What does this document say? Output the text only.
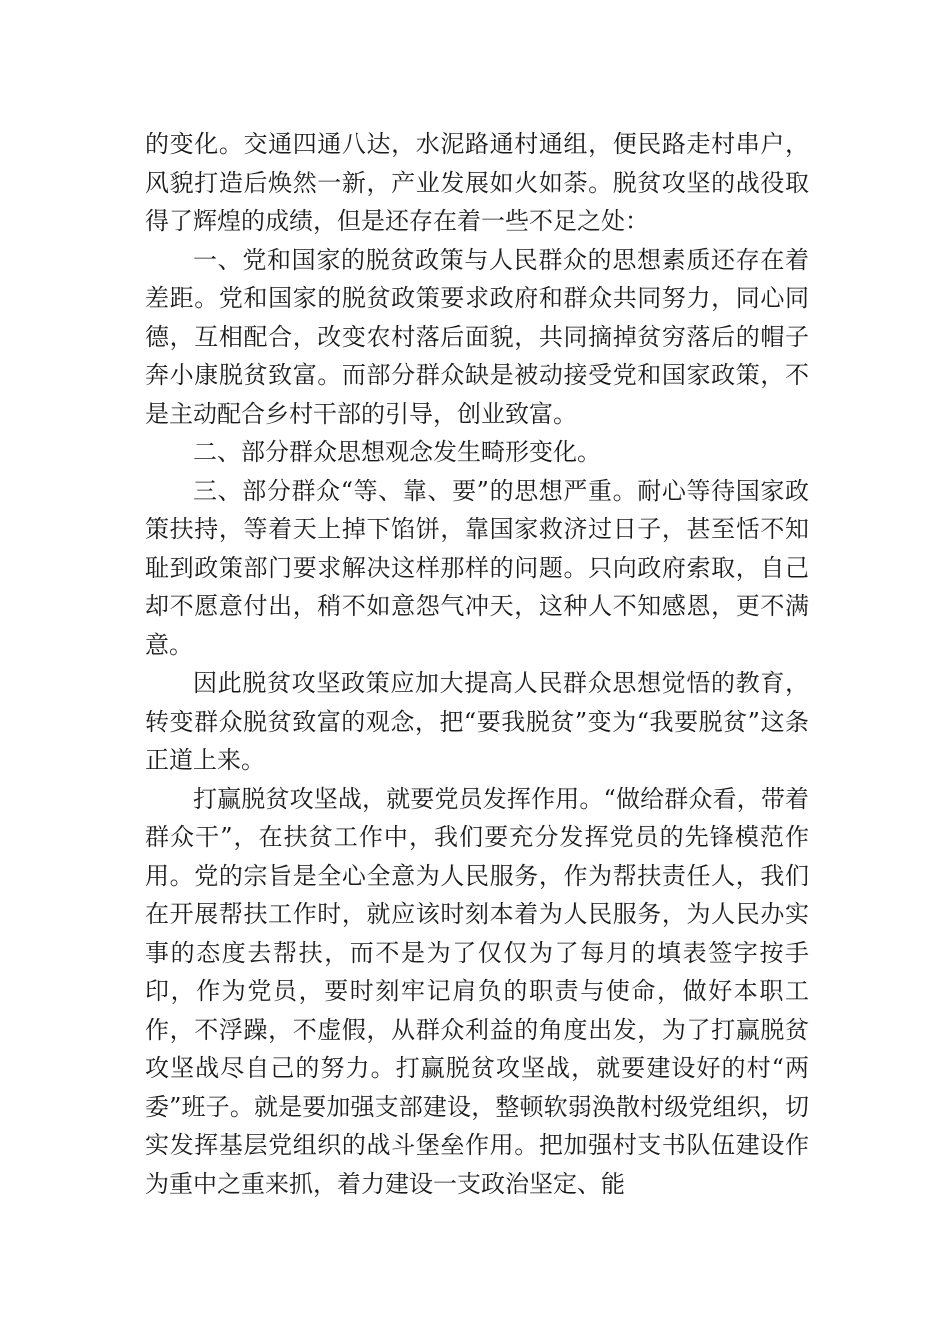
的变化。交通四通八达，水泥路通村通组，便民路走村串户，风貌打造后焕然一新，产业发展如火如荼。脱贫攻坚的战役取得了辉煌的成绩，但是还存在着一些不足之处：

一、党和国家的脱贫政策与人民群众的思想素质还存在着差距。党和国家的脱贫政策要求政府和群众共同努力，同心同德，互相配合，改变农村落后面貌，共同摘掉贫穷落后的帽子奔小康脱贫致富。而部分群众缺是被动接受党和国家政策，不是主动配合乡村干部的引导，创业致富。

二、部分群众思想观念发生畸形变化。

三、部分群众“等、靠、要”的思想严重。耐心等待国家政策扶持，等着天上掉下馅饼，靠国家救济过日子，甚至恬不知耻到政策部门要求解决这样那样的问题。只向政府索取，自己却不愿意付出，稍不如意怨气冲天，这种人不知感恩，更不满意。

因此脱贫攻坚政策应加大提高人民群众思想觉悟的教育，转变群众脱贫致富的观念，把“要我脱贫”变为“我要脱贫”这条正道上来。

打赢脱贫攻坚战，就要党员发挥作用。“做给群众看，带着群众干”，在扶贫工作中，我们要充分发挥党员的先锋模范作用。党的宗旨是全心全意为人民服务，作为帮扶责任人，我们在开展帮扶工作时，就应该时刻本着为人民服务，为人民办实事的态度去帮扶，而不是为了仅仅为了每月的填表签字按手印，作为党员，要时刻牢记肩负的职责与使命，做好本职工作，不浮躁，不虚假，从群众利益的角度出发，为了打赢脱贫攻坚战尽自己的努力。打赢脱贫攻坚战，就要建设好的村“两委”班子。就是要加强支部建设，整顿软弱涣散村级党组织，切实发挥基层党组织的战斗堡垒作用。把加强村支书队伍建设作为重中之重来抓，着力建设一支政治坚定、能
